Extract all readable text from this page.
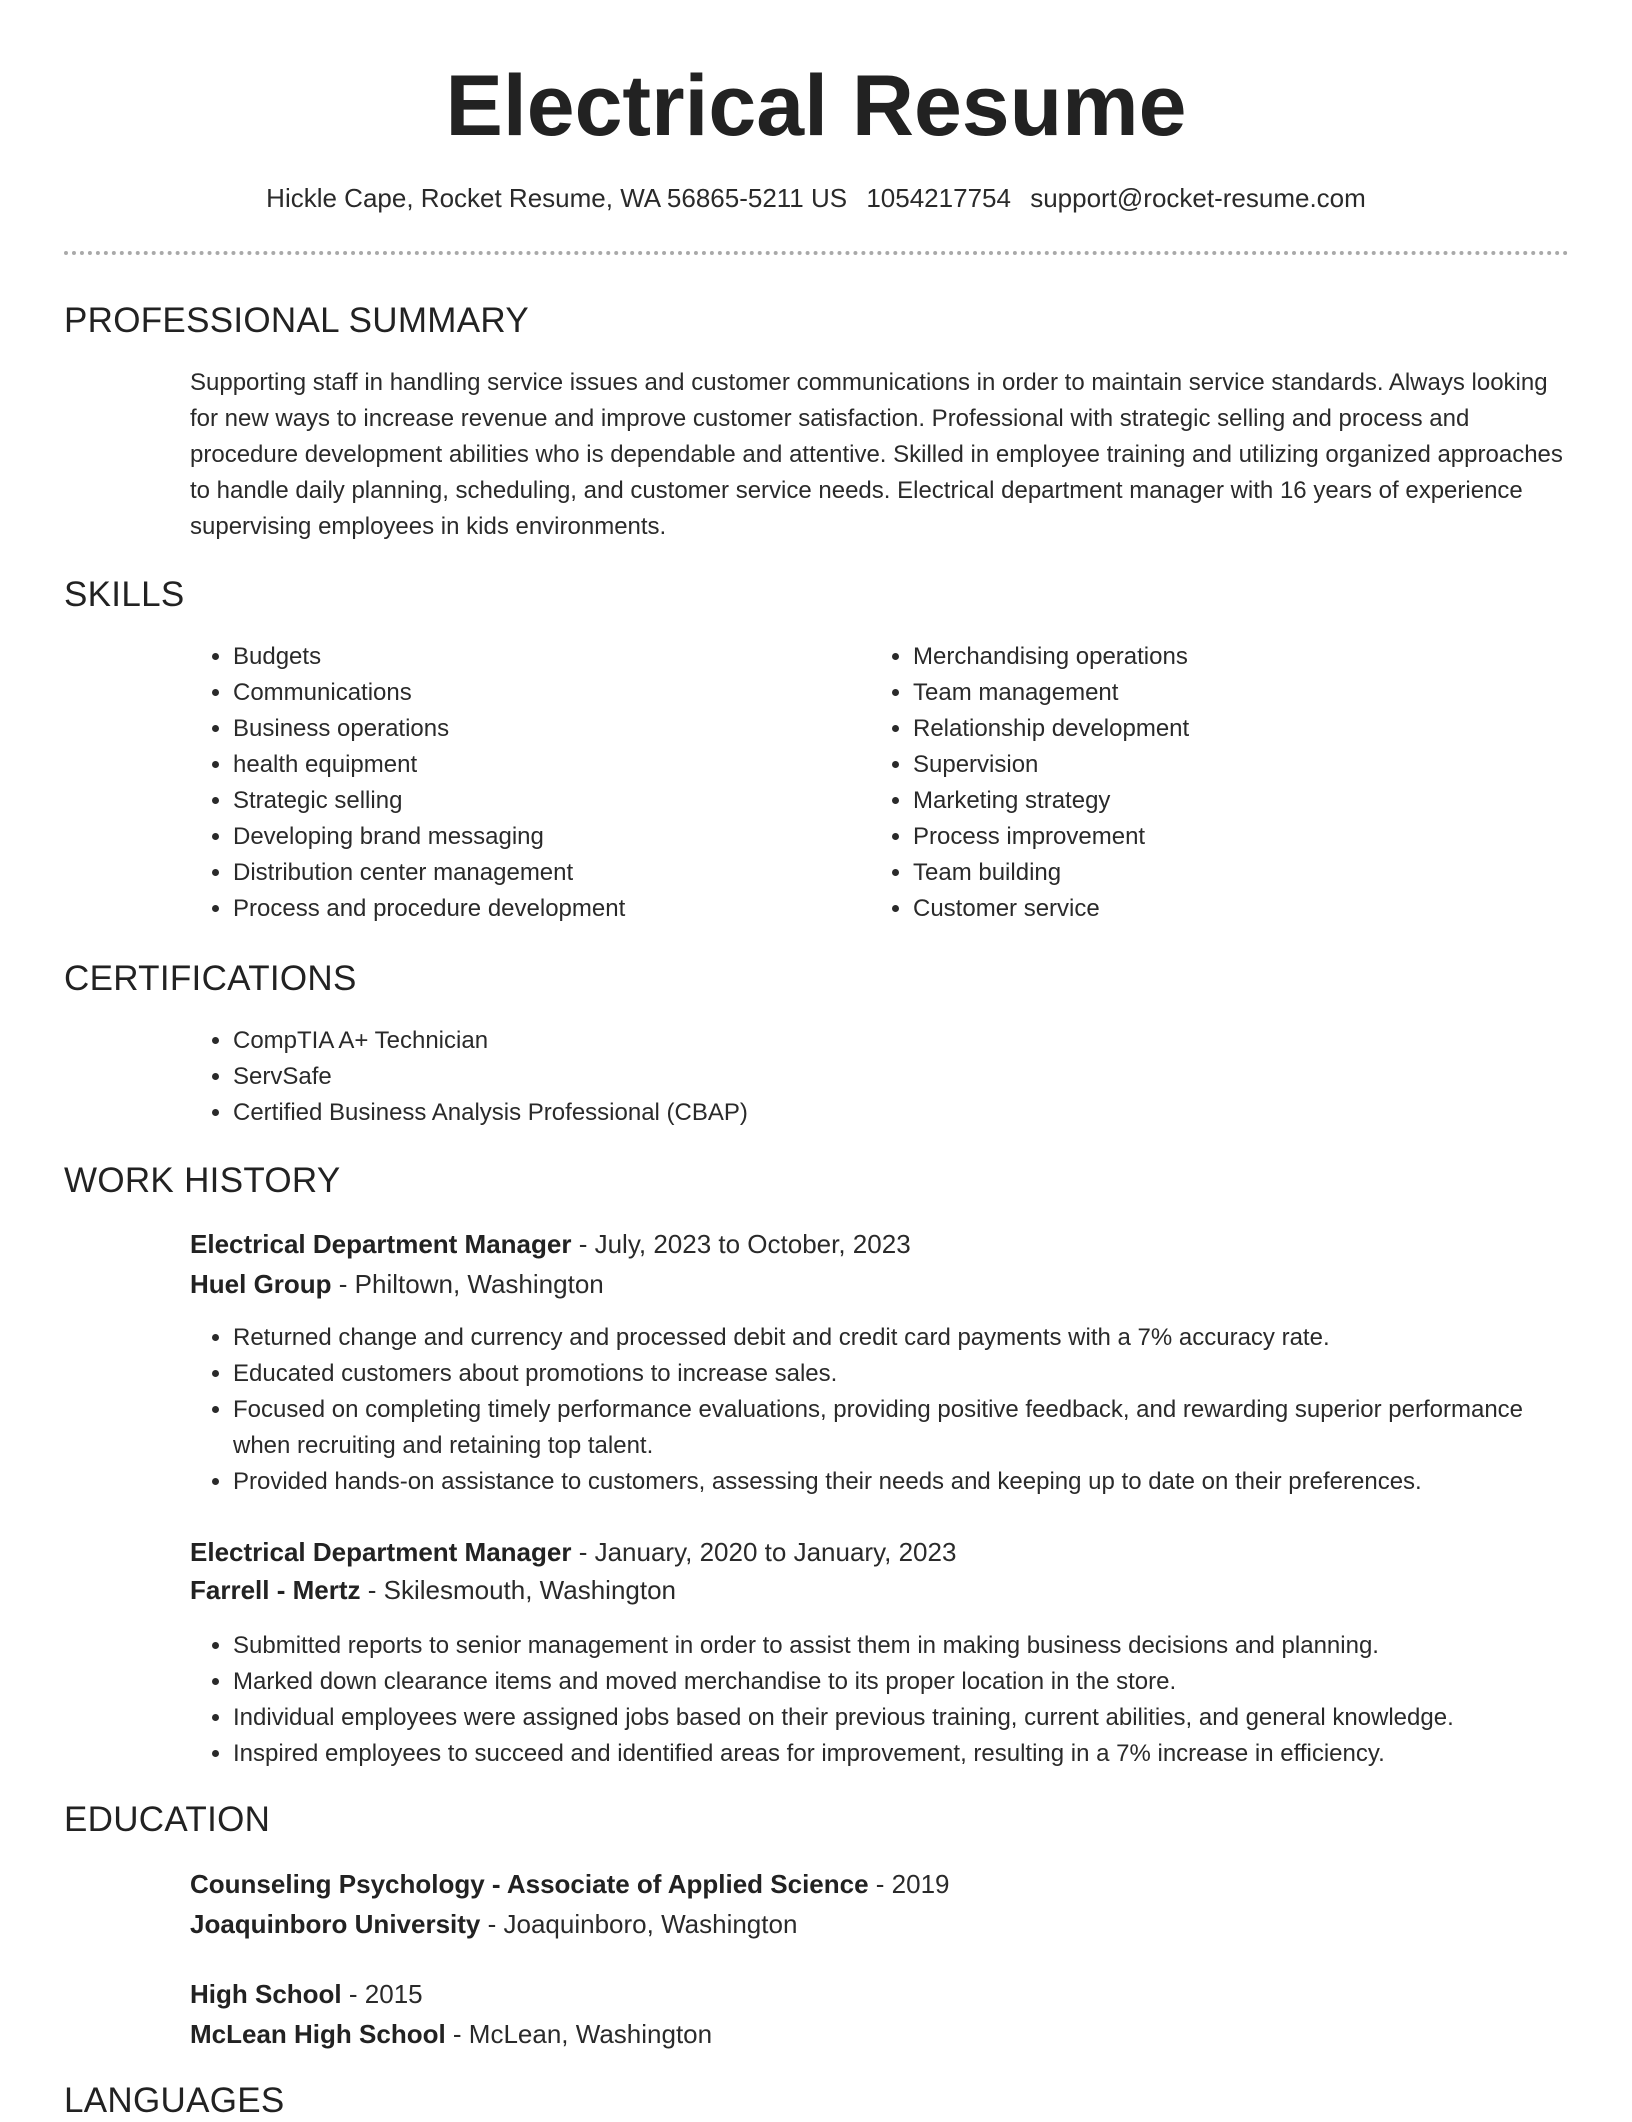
Electrical Resume
Hickle Cape, Rocket Resume, WA 56865-5211 US 1054217754 support@rocket-resume.com
PROFESSIONAL SUMMARY
Supporting staff in handling service issues and customer communications in order to maintain service standards. Always looking for new ways to increase revenue and improve customer satisfaction. Professional with strategic selling and process and procedure development abilities who is dependable and attentive. Skilled in employee training and utilizing organized approaches to handle daily planning, scheduling, and customer service needs. Electrical department manager with 16 years of experience supervising employees in kids environments.
SKILLS
• Budgets
• Communications
• Business operations
• health equipment
• Strategic selling
• Developing brand messaging
• Distribution center management
• Process and procedure development
• Merchandising operations
• Team management
• Relationship development
• Supervision
• Marketing strategy
• Process improvement
• Team building
• Customer service
CERTIFICATIONS
• CompTIA A+ Technician
• ServSafe
• Certified Business Analysis Professional (CBAP)
WORK HISTORY
Electrical Department Manager - July, 2023 to October, 2023
Huel Group - Philtown, Washington
• Returned change and currency and processed debit and credit card payments with a 7% accuracy rate.
• Educated customers about promotions to increase sales.
• Focused on completing timely performance evaluations, providing positive feedback, and rewarding superior performance when recruiting and retaining top talent.
• Provided hands-on assistance to customers, assessing their needs and keeping up to date on their preferences.
Electrical Department Manager - January, 2020 to January, 2023
Farrell - Mertz - Skilesmouth, Washington
• Submitted reports to senior management in order to assist them in making business decisions and planning.
• Marked down clearance items and moved merchandise to its proper location in the store.
• Individual employees were assigned jobs based on their previous training, current abilities, and general knowledge.
• Inspired employees to succeed and identified areas for improvement, resulting in a 7% increase in efficiency.
EDUCATION
Counseling Psychology - Associate of Applied Science - 2019
Joaquinboro University - Joaquinboro, Washington
High School - 2015
McLean High School - McLean, Washington
LANGUAGES
